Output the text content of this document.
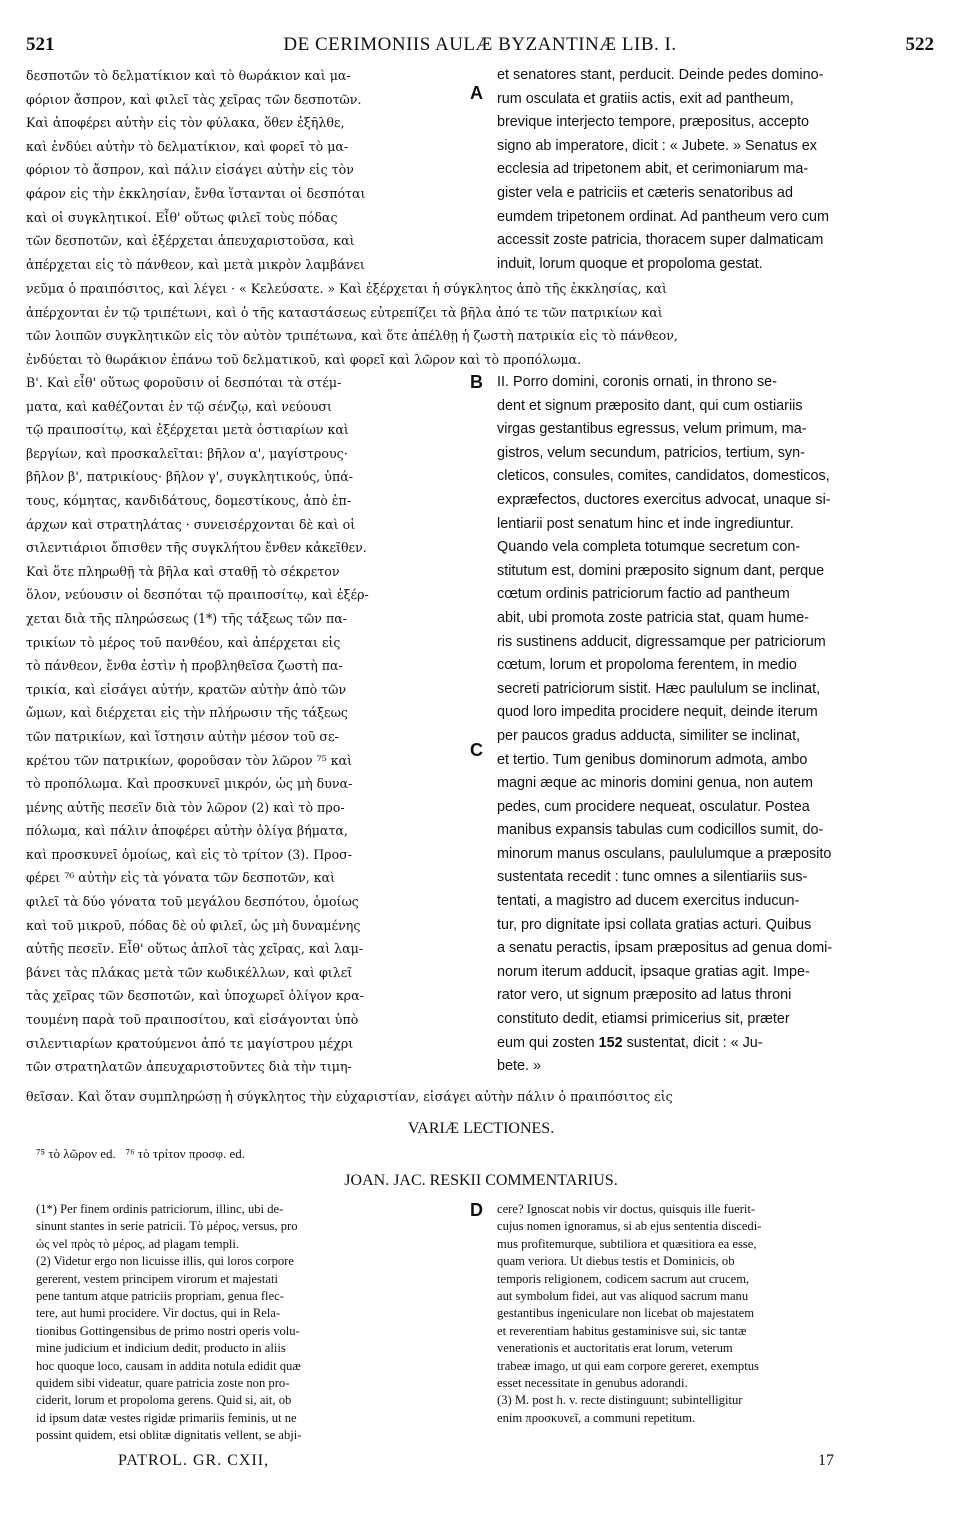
521	DE CERIMONIIS AULÆ BYZANTINÆ LIB. I.	522
δεσποτῶν τὸ δελματίκιον καὶ τὸ θωράκιον καὶ μα-
φόριον ἄσπρον, καὶ φιλεῖ τὰς χεῖρας τῶν δεσποτῶν.
Καὶ ἀποφέρει αὐτὴν εἰς τὸν φύλακα, ὅθεν ἐξῆλθε,
καὶ ἐνδύει αὐτὴν τὸ δελματίκιον, καὶ φορεῖ τὸ μα-
φόριον τὸ ἄσπρον, καὶ πάλιν εἰσάγει αὐτὴν εἰς τὸν
φάρον εἰς τὴν ἐκκλησίαν, ἔνθα ἵστανται οἱ δεσπόται
καὶ οἱ συγκλητικοί. Εἶθ' οὕτως φιλεῖ τοὺς πόδας
τῶν δεσποτῶν, καὶ ἐξέρχεται ἀπευχαριστοῦσα, καὶ
ἀπέρχεται εἰς τὸ πάνθεον, καὶ μετὰ μικρὸν λαμβάνει
A
et senatores stant, perducit. Deinde pedes domino-
rum osculata et gratiis actis, exit ad pantheum,
brevique interjecto tempore, præpositus, accepto
signo ab imperatore, dicit : « Jubete. » Senatus ex
ecclesia ad tripetonem abit, et cerimoniarum ma-
gister vela e patriciis et cæteris senatoribus ad
eumdem tripetonem ordinat. Ad pantheum vero cum
accessit zoste patricia, thoracem super dalmaticam
induit, lorum quoque et propoloma gestat.
νεῦμα ὁ πραιπόσιτος, καὶ λέγει · « Κελεύσατε. » Καὶ ἐξέρχεται ἡ σύγκλητος ἀπὸ τῆς ἐκκλησίας, καὶ
ἀπέρχονται ἐν τῷ τριπέτωνι, καὶ ὁ τῆς καταστάσεως εὐτρεπίζει τὰ βῆλα ἀπό τε τῶν πατρικίων καὶ
τῶν λοιπῶν συγκλητικῶν εἰς τὸν αὐτὸν τριπέτωνα, καὶ ὅτε ἀπέλθῃ ἡ ζωστὴ πατρικία εἰς τὸ πάνθεον,
ἐνδύεται τὸ θωράκιον ἐπάνω τοῦ δελματικοῦ, καὶ φορεῖ καὶ λῶρον καὶ τὸ προπόλωμα.
Β'. Καὶ εἶθ' οὕτως φοροῦσιν οἱ δεσπόται τὰ στέμ-
ματα, καὶ καθέζονται ἐν τῷ σένζῳ, καὶ νεύουσι
τῷ πραιποσίτῳ, καὶ ἐξέρχεται μετὰ ὀστιαρίων καὶ
βεργίων, καὶ προσκαλεῖται: βῆλον α', μαγίστρους·
βῆλον β', πατρικίους· βῆλον γ', συγκλητικούς, ὑπά-
τους, κόμητας, κανδιδάτους, δομεστίκους, ἀπὸ ἐπ-
άρχων καὶ στρατηλάτας · συνεισέρχονται δὲ καὶ οἱ
σιλεντιάριοι ὄπισθεν τῆς συγκλήτου ἔνθεν κἀκεῖθεν.
Καὶ ὅτε πληρωθῇ τὰ βῆλα καὶ σταθῇ τὸ σέκρετον
ὅλον, νεύουσιν οἱ δεσπόται τῷ πραιποσίτῳ, καὶ ἐξέρ-
χεται διὰ τῆς πληρώσεως (1*) τῆς τάξεως τῶν πα-
τρικίων τὸ μέρος τοῦ πανθέου, καὶ ἀπέρχεται εἰς
τὸ πάνθεον, ἔνθα ἐστὶν ἡ προβληθεῖσα ζωστὴ πα-
τρικία, καὶ εἰσάγει αὐτήν, κρατῶν αὐτὴν ἀπὸ τῶν
ὤμων, καὶ διέρχεται εἰς τὴν πλήρωσιν τῆς τάξεως
τῶν πατρικίων, καὶ ἵστησιν αὐτὴν μέσον τοῦ σε-
κρέτου τῶν πατρικίων, φοροῦσαν τὸν λῶρον ⁷⁵ καὶ
τὸ προπόλωμα. Καὶ προσκυνεῖ μικρόν, ὡς μὴ δυνα-
μένης αὐτῆς πεσεῖν διὰ τὸν λῶρον (2) καὶ τὸ προ-
πόλωμα, καὶ πάλιν ἀποφέρει αὐτὴν ὀλίγα βήματα,
καὶ προσκυνεῖ ὁμοίως, καὶ εἰς τὸ τρίτον (3). Προσ-
φέρει ⁷⁶ αὐτὴν εἰς τὰ γόνατα τῶν δεσποτῶν, καὶ
φιλεῖ τὰ δύο γόνατα τοῦ μεγάλου δεσπότου, ὁμοίως
καὶ τοῦ μικροῦ, πόδας δὲ οὐ φιλεῖ, ὡς μὴ δυναμένης
αὐτῆς πεσεῖν. Εἶθ' οὕτως ἁπλοῖ τὰς χεῖρας, καὶ λαμ-
βάνει τὰς πλάκας μετὰ τῶν κωδικέλλων, καὶ φιλεῖ
τὰς χεῖρας τῶν δεσποτῶν, καὶ ὑποχωρεῖ ὀλίγον κρα-
τουμένη παρὰ τοῦ πραιποσίτου, καὶ εἰσάγονται ὑπὸ
σιλεντιαρίων κρατούμενοι ἀπό τε μαγίστρου μέχρι
τῶν στρατηλατῶν ἀπευχαριστοῦντες διὰ τὴν τιμη-
B
C
II. Porro domini, coronis ornati, in throno se-
dent et signum præposito dant, qui cum ostiariis
virgas gestantibus egressus, velum primum, ma-
gistros, velum secundum, patricios, tertium, syn-
cleticos, consules, comites, candidatos, domesticos,
expræfectos, ductores exercitus advocat, unaque si-
lentiarii post senatum hinc et inde ingrediuntur.
Quando vela completa totumque secretum con-
stitutum est, domini præposito signum dant, perque
cœtum ordinis patriciorum factio ad pantheum
abit, ubi promota zoste patricia stat, quam hume-
ris sustinens adducit, digressamque per patriciorum
cœtum, lorum et propoloma ferentem, in medio
secreti patriciorum sistit. Hæc paululum se inclinat,
quod loro impedita procidere nequit, deinde iterum
per paucos gradus adducta, similiter se inclinat,
et tertio. Tum genibus dominorum admota, ambo
magni æque ac minoris domini genua, non autem
pedes, cum procidere nequeat, osculatur. Postea
manibus expansis tabulas cum codicillos sumit, do-
minorum manus osculans, paululumque a præposito
sustentata recedit : tunc omnes a silentiariis sus-
tentati, a magistro ad ducem exercitus inducun-
tur, pro dignitate ipsi collata gratias acturi. Quibus
a senatu peractis, ipsam præpositus ad genua domi-
norum iterum adducit, ipsaque gratias agit. Impe-
rator vero, ut signum præposito ad latus throni
constituto dedit, etiamsi primicerius sit, præter
eum qui zosten 152 sustentat, dicit : « Ju-
bete. »
θεῖσαν. Καὶ ὅταν συμπληρώσῃ ἡ σύγκλητος τὴν εὐχαριστίαν, εἰσάγει αὐτὴν πάλιν ὁ πραιπόσιτος εἰς
VARIÆ LECTIONES.
⁷⁵ τὸ λῶρον ed. ⁷⁶ τὸ τρίτον προσφ. ed.
JOAN. JAC. RESKII COMMENTARIUS.
(1*) Per finem ordinis patriciorum, illinc, ubi de-
sinunt stantes in serie patricii. Τὸ μέρος, versus, pro
ὡς vel πρὸς τὸ μέρος, ad plagam templi.
(2) Videtur ergo non licuisse illis, qui loros corpore
gererent, vestem principem virorum et majestati
pene tantum atque patriciis propriam, genua flec-
tere, aut humi procidere. Vir doctus, qui in Rela-
tionibus Gottingensibus de primo nostri operis volu-
mine judicium et indicium dedit, producto in aliis
hoc quoque loco, causam in addita notula edidit quæ
quidem sibi videatur, quare patricia zoste non pro-
ciderit, lorum et propoloma gerens. Quid si, ait, ob
id ipsum datæ vestes rigidæ primariis feminis, ut ne
possint quidem, etsi oblitæ dignitatis vellent, se abji-
D cere? Ignoscat nobis vir doctus, quisquis ille fuerit-
cujus nomen ignoramus, si ab ejus sententia discedi-
mus profitemurque, subtiliora et quæsitiora ea esse,
quam veriora. Ut diebus testis et Dominicis, ob
temporis religionem, codicem sacrum aut crucem,
aut symbolum fidei, aut vas aliquod sacrum manu
gestantibus ingeniculare non licebat ob majestatem
et reverentiam habitus gestaminisve sui, sic tantæ
venerationis et auctoritatis erat lorum, veterum
trabeæ imago, ut qui eam corpore gereret, exemptus
esset necessitate in genubus adorandi.
(3) M. post h. v. recte distinguunt; subintelligitur
enim προσκυνεῖ, a communi repetitum.
PATROL. GR. CXII,	17
